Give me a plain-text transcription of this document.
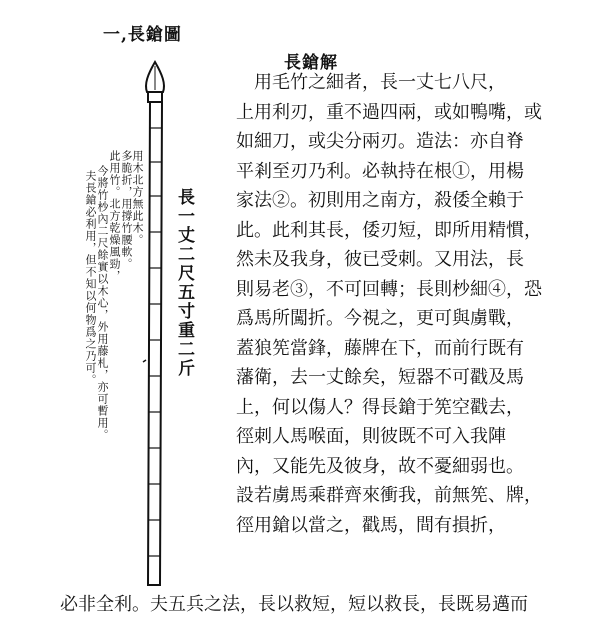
一,長鎗圖
長一丈二尺五寸重二斤
此用竹。北方乾燥風勁， 多脆折，用撐竹腰軟。
用木北方無此木。
夫長鎗必利用，但不知以何物爲之乃可。 今將竹杪內二尺餘實以木心，外用藤札，亦可暫用。
長鎗解
　用毛竹之細者，長一丈七八尺，
上用利刃，重不過四兩，或如鴨嘴，或
如細刀，或尖分兩刃。造法：亦自脊
平剎至刃乃利。必執持在根①，用楊
家法②。初則用之南方，殺倭全賴于
此。此利其長，倭刃短，即所用精慣，
然未及我身，彼已受刺。又用法，長
則易老③，不可回轉；長則杪細④，恐
爲馬所闖折。今視之，更可與虜戰，
蓋狼筅當鋒，藤牌在下，而前行既有
藩衛，去一丈餘矣，短器不可戳及馬
上，何以傷人？得長鎗于筅空戳去，
徑刺人馬喉面，則彼既不可入我陣
內，又能先及彼身，故不憂細弱也。
設若虜馬乘群齊來衝我，前無筅、牌，
徑用鎗以當之，戳馬，間有損折，
必非全利。夫五兵之法，長以救短，短以救長，長既易邁而
